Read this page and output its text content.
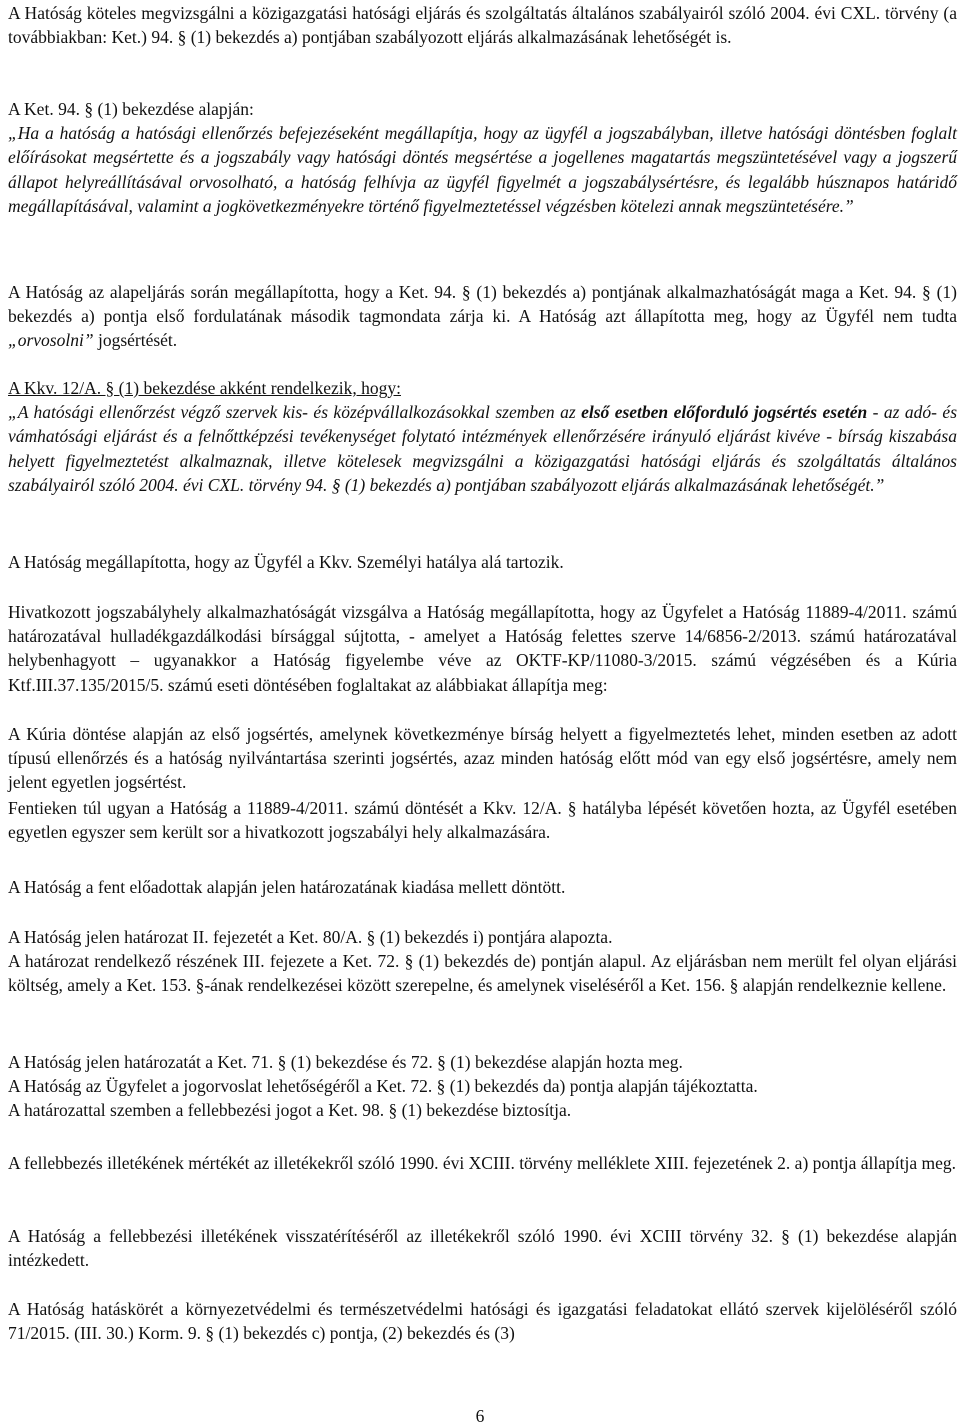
A Hatóság köteles megvizsgálni a közigazgatási hatósági eljárás és szolgáltatás általános szabályairól szóló 2004. évi CXL. törvény (a továbbiakban: Ket.) 94. § (1) bekezdés a) pontjában szabályozott eljárás alkalmazásának lehetőségét is.

A Ket. 94. § (1) bekezdése alapján:
„Ha a hatóság a hatósági ellenőrzés befejezéseként megállapítja, hogy az ügyfél a jogszabályban, illetve hatósági döntésben foglalt előírásokat megsértette és a jogszabály vagy hatósági döntés megsértése a jogellenes magatartás megszüntetésével vagy a jogszerű állapot helyreállításával orvosolható, a hatóság felhívja az ügyfél figyelmét a jogszabálysértésre, és legalább húsznapos határidő megállapításával, valamint a jogkövetkezményekre történő figyelmeztetéssel végzésben kötelezi annak megszüntetésére.”

A Hatóság az alapeljárás során megállapította, hogy a Ket. 94. § (1) bekezdés a) pontjának alkalmazhatóságát maga a Ket. 94. § (1) bekezdés a) pontja első fordulatának második tagmondata zárja ki. A Hatóság azt állapította meg, hogy az Ügyfél nem tudta „orvosolni” jogsértését.

A Kkv. 12/A. § (1) bekezdése akként rendelkezik, hogy:
„A hatósági ellenőrzést végző szervek kis- és középvállalkozásokkal szemben az első esetben előforduló jogsértés esetén - az adó- és vámhatósági eljárást és a felnőttképzési tevékenységet folytató intézmények ellenőrzésére irányuló eljárást kivéve - bírság kiszabása helyett figyelmeztetést alkalmaznak, illetve kötelesek megvizsgálni a közigazgatási hatósági eljárás és szolgáltatás általános szabályairól szóló 2004. évi CXL. törvény 94. § (1) bekezdés a) pontjában szabályozott eljárás alkalmazásának lehetőségét.”

A Hatóság megállapította, hogy az Ügyfél a Kkv. Személyi hatálya alá tartozik.

Hivatkozott jogszabályhely alkalmazhatóságát vizsgálva a Hatóság megállapította, hogy az Ügyfelet a Hatóság 11889-4/2011. számú határozatával hulladékgazdálkodási bírsággal sújtotta, - amelyet a Hatóság felettes szerve 14/6856-2/2013. számú határozatával helybenhagyott – ugyanakkor a Hatóság figyelembe véve az OKTF-KP/11080-3/2015. számú végzésében és a Kúria Ktf.III.37.135/2015/5. számú eseti döntésében foglaltakat az alábbiakat állapítja meg:

A Kúria döntése alapján az első jogsértés, amelynek következménye bírság helyett a figyelmeztetés lehet, minden esetben az adott típusú ellenőrzés és a hatóság nyilvántartása szerinti jogsértés, azaz minden hatóság előtt mód van egy első jogsértésre, amely nem jelent egyetlen jogsértést.

Fentieken túl ugyan a Hatóság a 11889-4/2011. számú döntését a Kkv. 12/A. § hatályba lépését követően hozta, az Ügyfél esetében egyetlen egyszer sem került sor a hivatkozott jogszabályi hely alkalmazására.

A Hatóság a fent előadottak alapján jelen határozatának kiadása mellett döntött.

A Hatóság jelen határozat II. fejezetét a Ket. 80/A. § (1) bekezdés i) pontjára alapozta.

A határozat rendelkező részének III. fejezete a Ket. 72. § (1) bekezdés de) pontján alapul. Az eljárásban nem merült fel olyan eljárási költség, amely a Ket. 153. §-ának rendelkezései között szerepelne, és amelynek viseléséről a Ket. 156. § alapján rendelkeznie kellene.

A Hatóság jelen határozatát a Ket. 71. § (1) bekezdése és 72. § (1) bekezdése alapján hozta meg.

A Hatóság az Ügyfelet a jogorvoslat lehetőségéről a Ket. 72. § (1) bekezdés da) pontja alapján tájékoztatta.

A határozattal szemben a fellebbezési jogot a Ket. 98. § (1) bekezdése biztosítja.

A fellebbezés illetékének mértékét az illetékekről szóló 1990. évi XCIII. törvény melléklete XIII. fejezetének 2. a) pontja állapítja meg.

A Hatóság a fellebbezési illetékének visszatérítéséről az illetékekről szóló 1990. évi XCIII törvény 32. § (1) bekezdése alapján intézkedett.

A Hatóság hatáskörét a környezetvédelmi és természetvédelmi hatósági és igazgatási feladatokat ellátó szervek kijelöléséről szóló 71/2015. (III. 30.) Korm. 9. § (1) bekezdés c) pontja, (2) bekezdés és (3)

6
